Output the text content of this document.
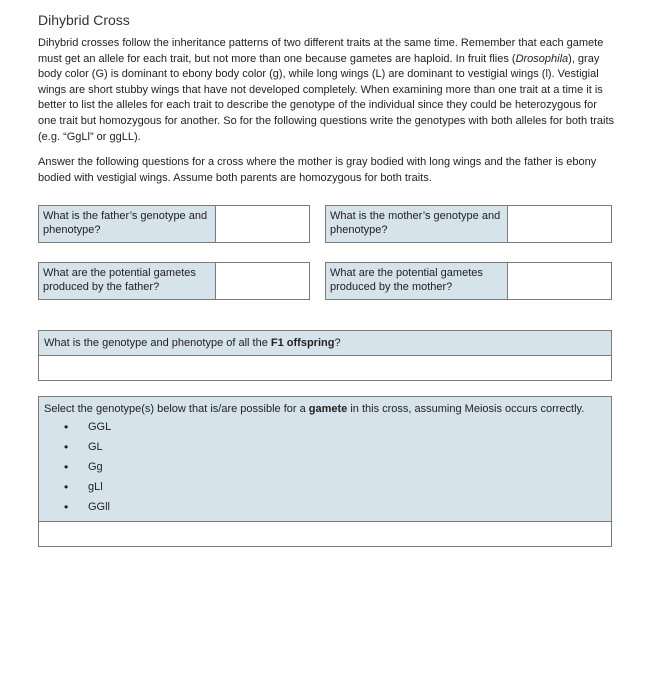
Dihybrid Cross

Dihybrid crosses follow the inheritance patterns of two different traits at the same time. Remember that each gamete must get an allele for each trait, but not more than one because gametes are haploid. In fruit flies (Drosophila), gray body color (G) is dominant to ebony body color (g), while long wings (L) are dominant to vestigial wings (l). Vestigial wings are short stubby wings that have not developed completely. When examining more than one trait at a time it is better to list the alleles for each trait to describe the genotype of the individual since they could be heterozygous for one trait but homozygous for another. So for the following questions write the genotypes with both alleles for both traits (e.g. “GgLl” or ggLL).

Answer the following questions for a cross where the mother is gray bodied with long wings and the father is ebony bodied with vestigial wings. Assume both parents are homozygous for both traits.

What is the father’s genotype and phenotype?
What is the mother’s genotype and phenotype?
What are the potential gametes produced by the father?
What are the potential gametes produced by the mother?
What is the genotype and phenotype of all the F1 offspring?
Select the genotype(s) below that is/are possible for a gamete in this cross, assuming Meiosis occurs correctly.
•	GGL
•	GL
•	Gg
•	gLl
•	GGll
